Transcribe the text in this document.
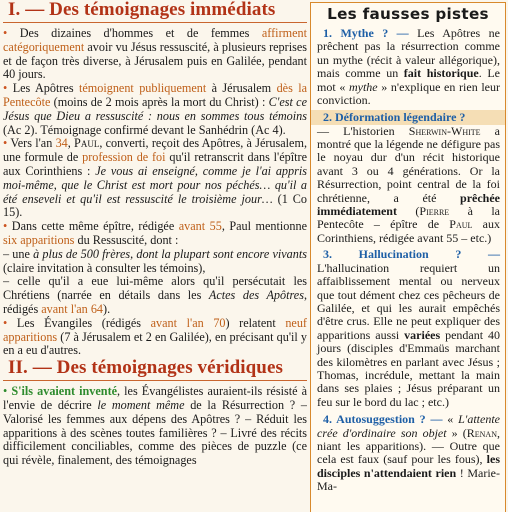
I. — Des témoignages immédiats

• Des dizaines d'hommes et de femmes affirment catégoriquement avoir vu Jésus ressuscité, à plusieurs reprises et de façon très diverse, à Jérusalem puis en Galilée, pendant 40 jours.

• Les Apôtres témoignent publiquement à Jérusalem dès la Pentecôte (moins de 2 mois après la mort du Christ) : C'est ce Jésus que Dieu a ressuscité : nous en sommes tous témoins (Ac 2). Témoignage confirmé devant le Sanhédrin (Ac 4).

• Vers l'an 34, Paul, converti, reçoit des Apôtres, à Jérusalem, une formule de profession de foi qu'il retranscrit dans l'épître aux Corinthiens : Je vous ai enseigné, comme je l'ai appris moi-même, que le Christ est mort pour nos péchés… qu'il a été enseveli et qu'il est ressuscité le troisième jour… (1 Co 15).

• Dans cette même épître, rédigée avant 55, Paul mentionne six apparitions du Ressuscité, dont :
– une à plus de 500 frères, dont la plupart sont encore vivants (claire invitation à consulter les témoins),
– celle qu'il a eue lui-même alors qu'il persécutait les Chrétiens (narrée en détails dans les Actes des Apôtres, rédigés avant l'an 64).

• Les Évangiles (rédigés avant l'an 70) relatent neuf apparitions (7 à Jérusalem et 2 en Galilée), en précisant qu'il y en a eu d'autres.

II. — Des témoignages véridiques

• S'ils avaient inventé, les Évangélistes auraient-ils résisté à l'envie de décrire le moment même de la Résurrection ? – Valorisé les femmes aux dépens des Apôtres ? – Réduit les apparitions à des scènes toutes familières ? – Livré des récits difficilement conciliables, comme des pièces de puzzle (ce qui révèle, finalement, des témoignages

Les fausses pistes

1. Mythe ? — Les Apôtres ne prêchent pas la résurrection comme un mythe (récit à valeur allégorique), mais comme un fait historique. Le mot « mythe » n'explique en rien leur conviction.

2. Déformation légendaire ?

— L'historien Sherwin-White a montré que la légende ne défigure pas le noyau dur d'un récit historique avant 3 ou 4 générations. Or la Résurrection, point central de la foi chrétienne, a été prêchée immédiatement (Pierre à la Pentecôte – épître de Paul aux Corinthiens, rédigée avant 55 – etc.)

3. Hallucination ? — L'hallucination requiert un affaiblissement mental ou nerveux que tout dément chez ces pêcheurs de Galilée, et qui les aurait empêchés d'être crus. Elle ne peut expliquer des apparitions aussi variées pendant 40 jours (disciples d'Emmaüs marchant des kilomètres en parlant avec Jésus ; Thomas, incrédule, mettant la main dans ses plaies ; Jésus préparant un feu sur le bord du lac ; etc.)

4. Autosuggestion ? — « L'attente crée d'ordinaire son objet » (Renan, niant les apparitions). — Outre que cela est faux (sauf pour les fous), les disciples n'attendaient rien ! Marie-Ma-
